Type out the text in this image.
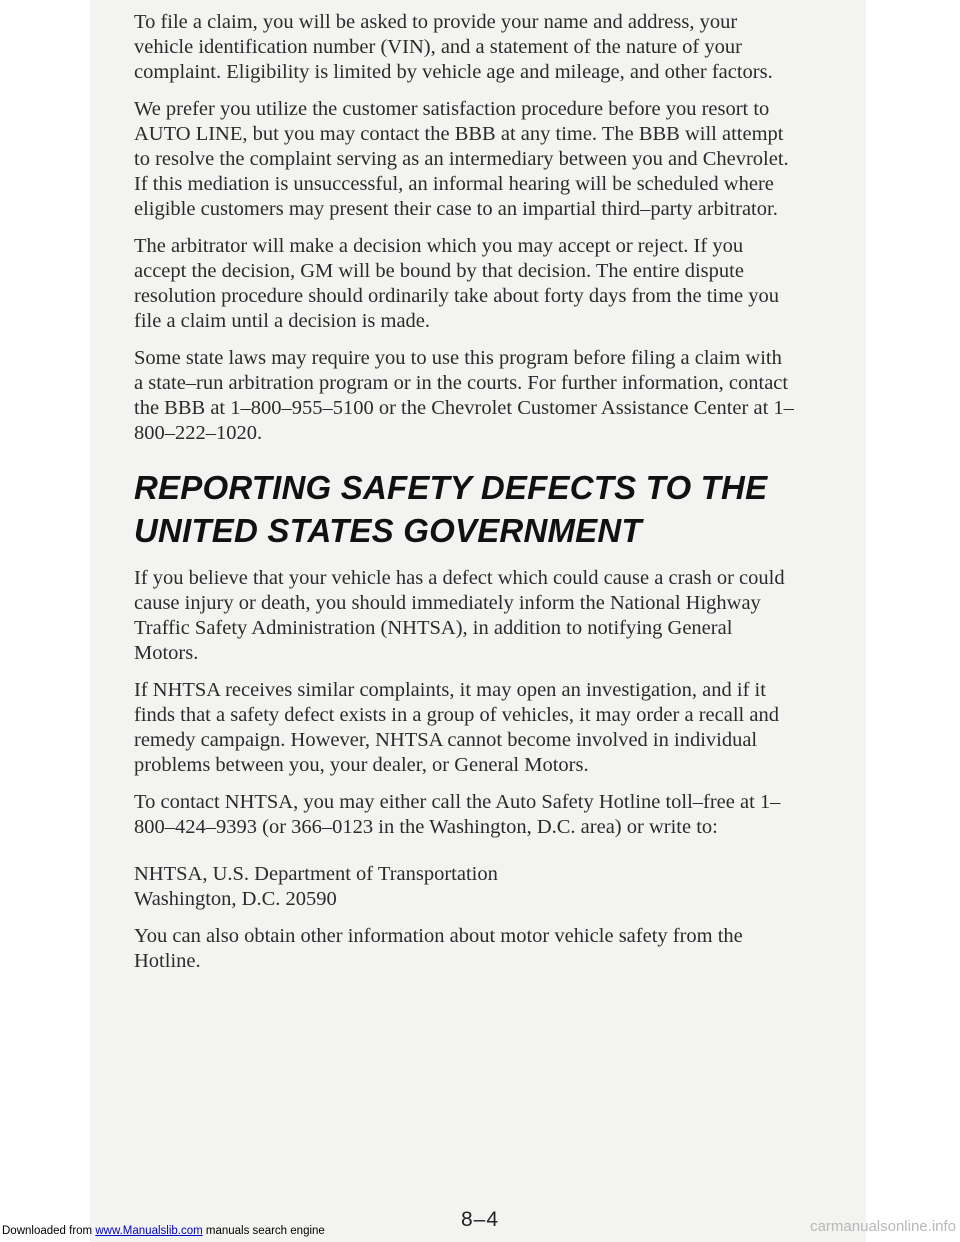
To file a claim, you will be asked to provide your name and address, your vehicle identification number (VIN), and a statement of the nature of your complaint. Eligibility is limited by vehicle age and mileage, and other factors.

We prefer you utilize the customer satisfaction procedure before you resort to AUTO LINE, but you may contact the BBB at any time. The BBB will attempt to resolve the complaint serving as an intermediary between you and Chevrolet. If this mediation is unsuccessful, an informal hearing will be scheduled where eligible customers may present their case to an impartial third–party arbitrator.

The arbitrator will make a decision which you may accept or reject. If you accept the decision, GM will be bound by that decision. The entire dispute resolution procedure should ordinarily take about forty days from the time you file a claim until a decision is made.

Some state laws may require you to use this program before filing a claim with a state–run arbitration program or in the courts. For further information, contact the BBB at 1–800–955–5100 or the Chevrolet Customer Assistance Center at 1–800–222–1020.

REPORTING SAFETY DEFECTS TO THE
UNITED STATES GOVERNMENT

If you believe that your vehicle has a defect which could cause a crash or could cause injury or death, you should immediately inform the National Highway Traffic Safety Administration (NHTSA), in addition to notifying General Motors.

If NHTSA receives similar complaints, it may open an investigation, and if it finds that a safety defect exists in a group of vehicles, it may order a recall and remedy campaign. However, NHTSA cannot become involved in individual problems between you, your dealer, or General Motors.

To contact NHTSA, you may either call the Auto Safety Hotline toll–free at 1–800–424–9393 (or 366–0123 in the Washington, D.C. area) or write to:

NHTSA, U.S. Department of Transportation
Washington, D.C. 20590

You can also obtain other information about motor vehicle safety from the Hotline.

8–4
Downloaded from www.Manualslib.com manuals search engine	carmanualsonline.info
